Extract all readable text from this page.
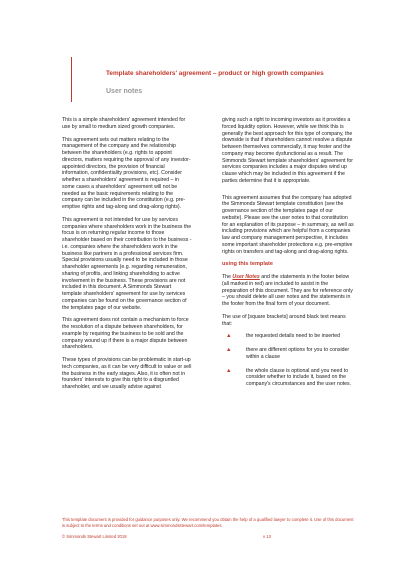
Template shareholders' agreement – product or high growth companies
User notes

This is a simple shareholders' agreement intended for use by small to medium sized growth companies.

This agreement sets out matters relating to the management of the company and the relationship between the shareholders (e.g. rights to appoint directors, matters requiring the approval of any investor-appointed directors, the provision of financial information, confidentiality provisions, etc). Consider whether a shareholders' agreement is required – in some cases a shareholders' agreement will not be needed as the basic requirements relating to the company can be included in the constitution (e.g. pre-emptive rights and tag-along and drag-along rights).

This agreement is not intended for use by services companies where shareholders work in the business the focus is on returning regular income to those shareholder based on their contribution to the business - i.e. companies where the shareholders work in the business like partners in a professional services firm. Special provisions usually need to be included in those shareholder agreements (e.g. regarding remuneration, sharing of profits, and linking shareholding to active involvement in the business. These provisions are not included in this document. A Simmonds Stewart template shareholders' agreement for use by services companies can be found on the governance section of the templates page of our website.

This agreement does not contain a mechanism to force the resolution of a dispute between shareholders, for example by requiring the business to be sold and the company wound up if there is a major dispute between shareholders.

These types of provisions can be problematic in start-up tech companies, as it can be very difficult to value or sell the business in the early stages. Also, it is often not in founders' interests to give this right to a disgruntled shareholder, and we usually advise against

giving such a right to incoming investors as it provides a forced liquidity option. However, while we think this is generally the best approach for this type of company, the downside is that if shareholders cannot resolve a dispute between themselves commercially, it may fester and the company may become dysfunctional as a result. The Simmonds Stewart template shareholders' agreement for services companies includes a major disputes wind up clause which may be included in this agreement if the parties determine that it is appropriate.

This agreement assumes that the company has adopted the Simmonds Stewart template constitution (see the governance section of the templates page of our website). Please see the user notes to that constitution for an explanation of its purpose – in summary, as well as including provisions which are helpful from a companies law and company management perspective, it includes some important shareholder protections e.g. pre-emptive rights on transfers and tag-along and drag-along rights.

using this template

The User Notes and the statements in the footer below (all marked in red) are included to assist in the preparation of this document. They are for reference only – you should delete all user notes and the statements in the footer from the final form of your document.

The use of [square brackets] around black text means that:

▲	the requested details need to be inserted
▲	there are different options for you to consider within a clause
▲	the whole clause is optional and you need to consider whether to include it, based on the company's circumstances and the user notes.
This template document is provided for guidance purposes only. We recommend you obtain the help of a qualified lawyer to complete it. Use of this document is subject to the terms and conditions set out at www.simmondsstewart.com/templates.
© Simmonds Stewart Limited 2018	v 13
